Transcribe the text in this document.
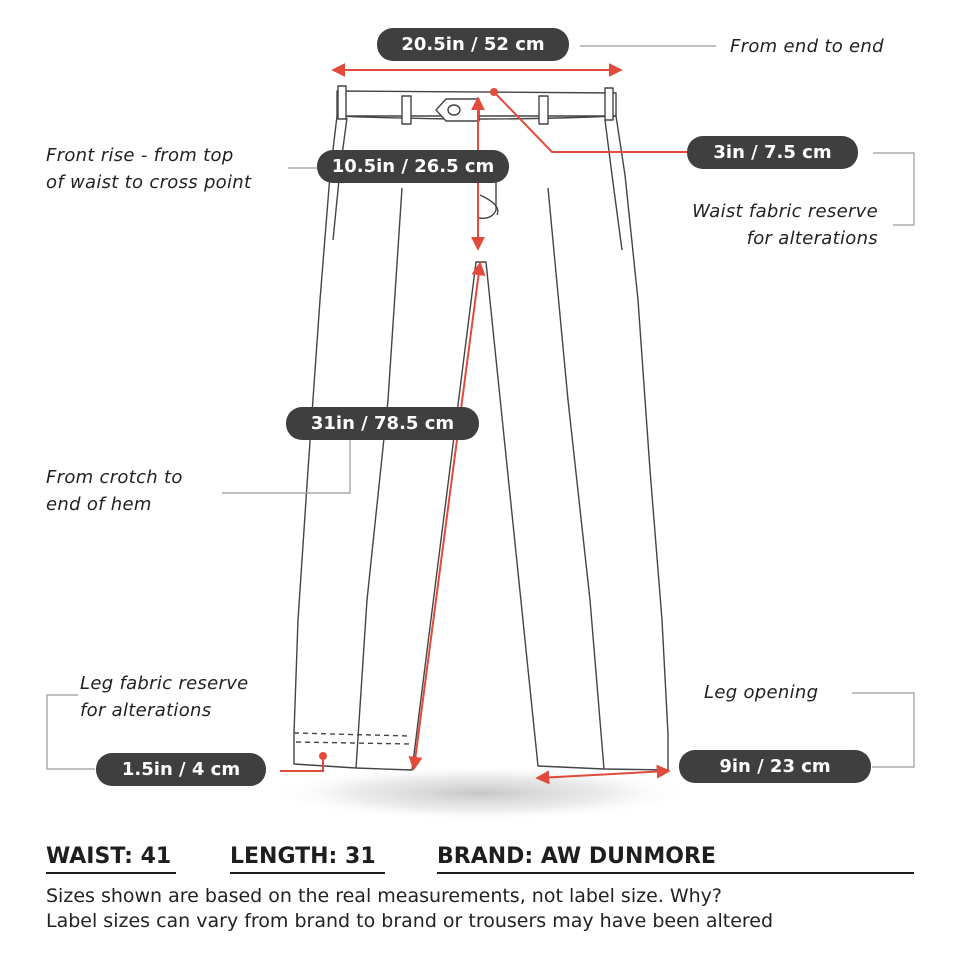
20.5in / 52 cm
3in / 7.5 cm
10.5in / 26.5 cm
31in / 78.5 cm
1.5in / 4 cm	9in / 23 cm
From end to end
Front rise - from top
of waist to cross point
Waist fabric reserve
for alterations
From crotch to
end of hem
Leg fabric reserve
for alterations
Leg opening
WAIST: 41	LENGTH: 31	BRAND: AW DUNMORE
Sizes shown are based on the real measurements, not label size. Why?
Label sizes can vary from brand to brand or trousers may have been altered
